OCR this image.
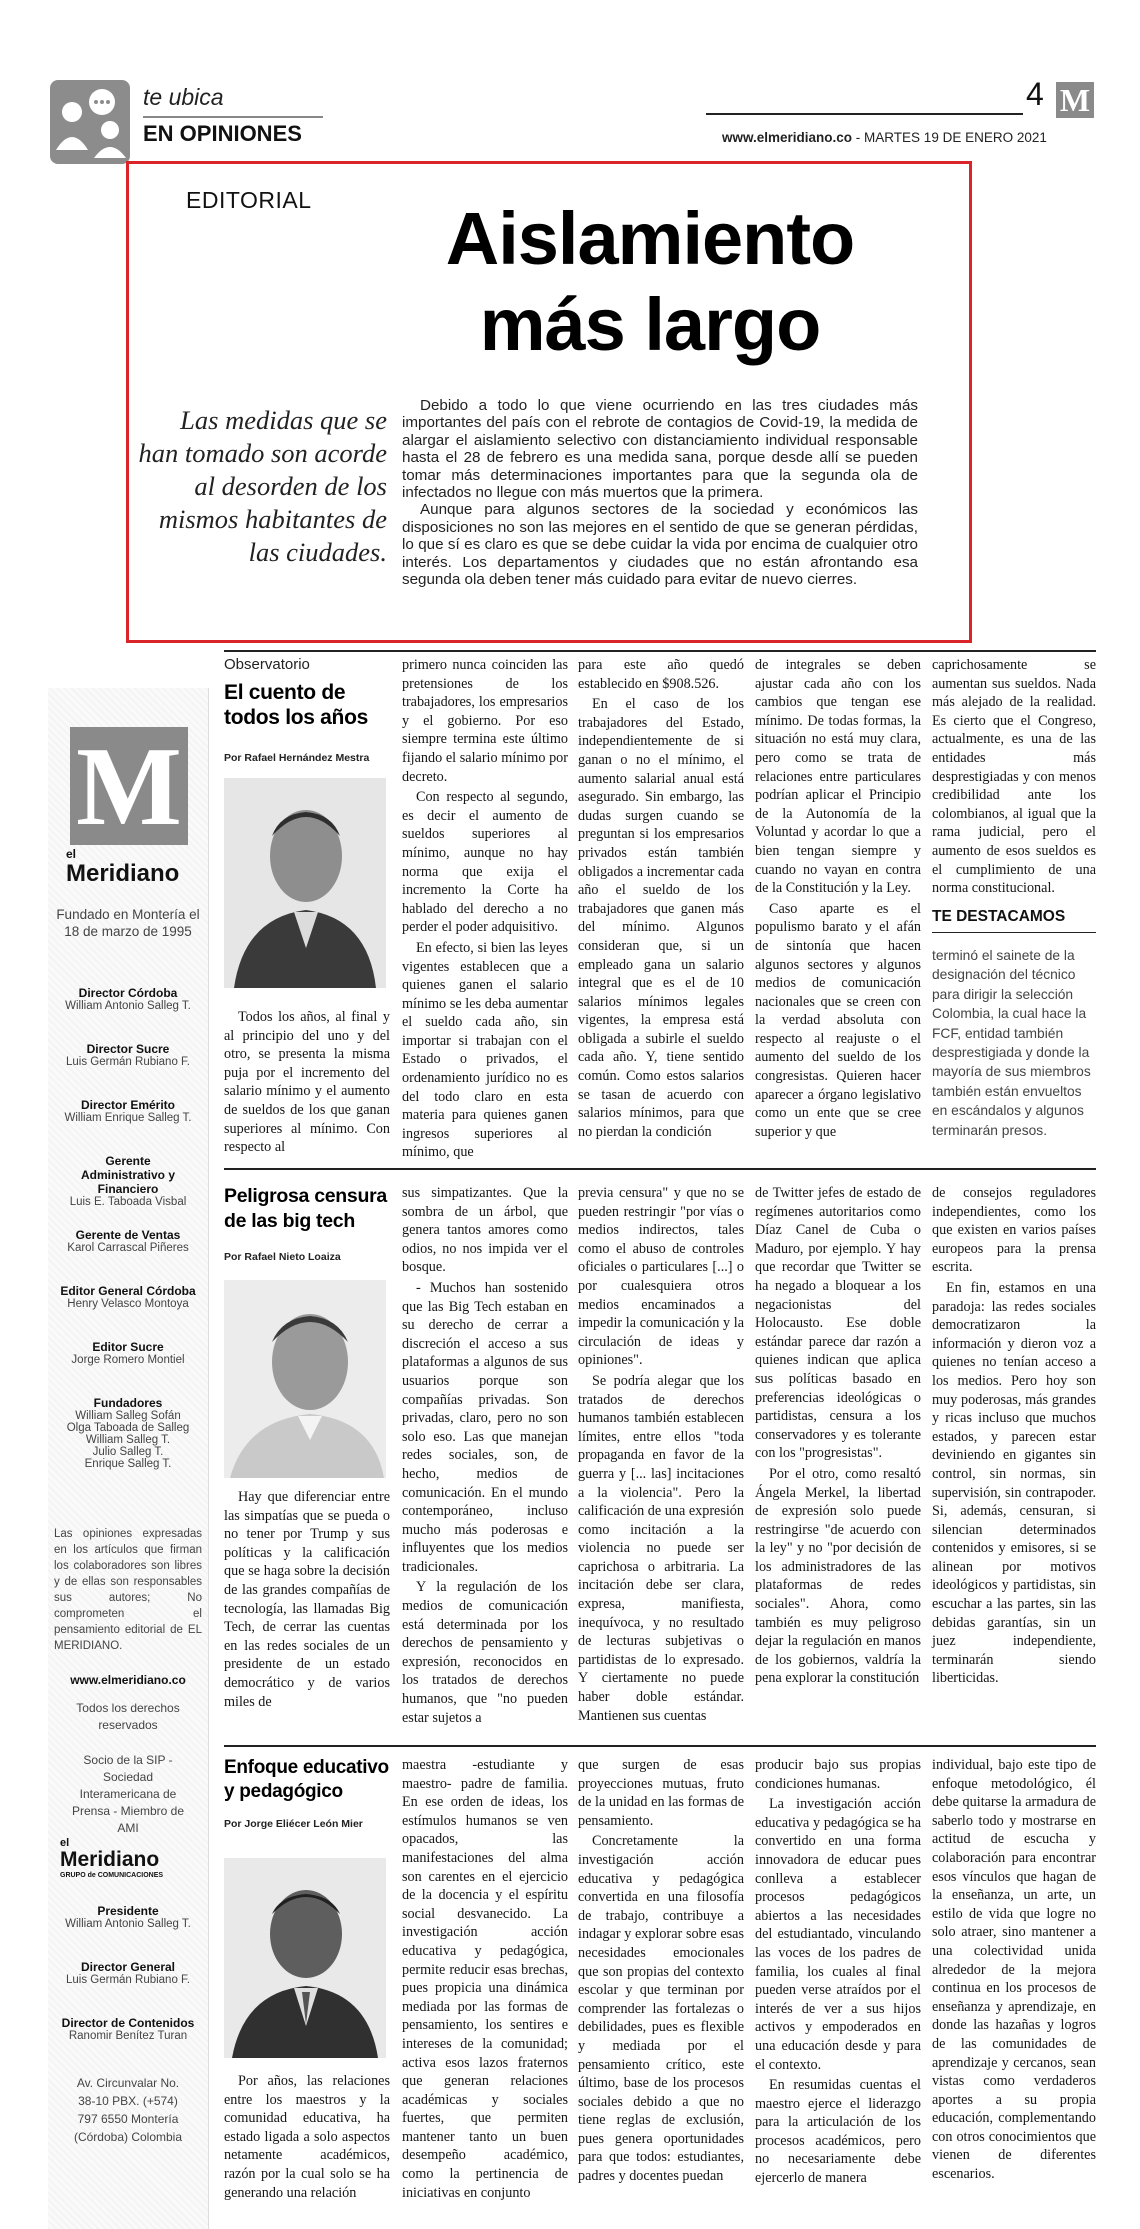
te ubica
EN OPINIONES
4 M
www.elmeridiano.co - MARTES 19 DE ENERO 2021
EDITORIAL	Aislamiento
más largo
Las medidas que se han tomado son acorde al desorden de los mismos habitantes de las ciudades.

Debido a todo lo que viene ocurriendo en las tres ciudades más importantes del país con el rebrote de contagios de Covid-19, la medida de alargar el aislamiento selectivo con distanciamiento individual responsable hasta el 28 de febrero es una medida sana, porque desde allí se pueden tomar más determinaciones importantes para que la segunda ola de infectados no llegue con más muertos que la primera.

Aunque para algunos sectores de la sociedad y económicos las disposiciones no son las mejores en el sentido de que se generan pérdidas, lo que sí es claro es que se debe cuidar la vida por encima de cualquier otro interés. Los departamentos y ciudades que no están afrontando esa segunda ola deben tener más cuidado para evitar de nuevo cierres.

M
el
Meridiano
Fundado en Montería el 18 de marzo de 1995
Director Córdoba
William Antonio Salleg T.
Director Sucre
Luis Germán Rubiano F.
Director Emérito
William Enrique Salleg T.
Gerente Administrativo y Financiero
Luis E. Taboada Visbal
Gerente de Ventas
Karol Carrascal Piñeres
Editor General Córdoba
Henry Velasco Montoya
Editor Sucre
Jorge Romero Montiel
Fundadores
William Salleg Sofán
Olga Taboada de Salleg
William Salleg T.
Julio Salleg T.
Enrique Salleg T.
Las opiniones expresadas en los artículos que firman los colaboradores son libres y de ellas son responsables sus autores; No comprometen el pensamiento editorial de EL MERIDIANO.
www.elmeridiano.co
Todos los derechos reservados
Socio de la SIP - Sociedad Interamericana de Prensa - Miembro de AMI
el
Meridiano
GRUPO de COMUNICACIONES
Presidente
William Antonio Salleg T.
Director General
Luis Germán Rubiano F.
Director de Contenidos
Ranomir Benítez Turan
Av. Circunvalar No. 38-10 PBX. (+574) 797 6550 Montería (Córdoba) Colombia
Observatorio
El cuento de todos los años
Por Rafael Hernández Mestra

Todos los años, al final y al principio del uno y del otro, se presenta la misma puja por el incremento del salario mínimo y el aumento de sueldos de los que ganan superiores al mínimo. Con respecto al

primero nunca coinciden las pretensiones de los trabajadores, los empresarios y el gobierno. Por eso siempre termina este último fijando el salario mínimo por decreto.

Con respecto al segundo, es decir el aumento de sueldos superiores al mínimo, aunque no hay norma que exija el incremento la Corte ha hablado del derecho a no perder el poder adquisitivo.

En efecto, si bien las leyes vigentes establecen que a quienes ganen el salario mínimo se les deba aumentar el sueldo cada año, sin importar si trabajan con el Estado o privados, el ordenamiento jurídico no es del todo claro en esta materia para quienes ganen ingresos superiores al mínimo, que

para este año quedó establecido en $908.526.

En el caso de los trabajadores del Estado, independientemente de si ganan o no el mínimo, el aumento salarial anual está asegurado. Sin embargo, las dudas surgen cuando se preguntan si los empresarios privados están también obligados a incrementar cada año el sueldo de los trabajadores que ganen más del mínimo. Algunos consideran que, si un empleado gana un salario integral que es el de 10 salarios mínimos legales vigentes, la empresa está obligada a subirle el sueldo cada año. Y, tiene sentido común. Como estos salarios se tasan de acuerdo con salarios mínimos, para que no pierdan la condición

de integrales se deben ajustar cada año con los cambios que tengan ese mínimo. De todas formas, la situación no está muy clara, pero como se trata de relaciones entre particulares podrían aplicar el Principio de la Autonomía de la Voluntad y acordar lo que a bien tengan siempre y cuando no vayan en contra de la Constitución y la Ley.

Caso aparte es el populismo barato y el afán de sintonía que hacen algunos sectores y algunos medios de comunicación nacionales que se creen con la verdad absoluta con respecto al reajuste o el aumento del sueldo de los congresistas. Quieren hacer aparecer a órgano legislativo como un ente que se cree superior y que

caprichosamente se aumentan sus sueldos. Nada más alejado de la realidad. Es cierto que el Congreso, actualmente, es una de las entidades más desprestigiadas y con menos credibilidad ante los colombianos, al igual que la rama judicial, pero el aumento de esos sueldos es el cumplimiento de una norma constitucional.

TE DESTACAMOS
terminó el sainete de la designación del técnico para dirigir la selección Colombia, la cual hace la FCF, entidad también desprestigiada y donde la mayoría de sus miembros también están envueltos en escándalos y algunos terminarán presos.
Peligrosa censura de las big tech
Por Rafael Nieto Loaiza

Hay que diferenciar entre las simpatías que se pueda o no tener por Trump y sus políticas y la calificación que se haga sobre la decisión de las grandes compañías de tecnología, las llamadas Big Tech, de cerrar las cuentas en las redes sociales de un presidente de un estado democrático y de varios miles de

sus simpatizantes. Que la sombra de un árbol, que genera tantos amores como odios, no nos impida ver el bosque.

- Muchos han sostenido que las Big Tech estaban en su derecho de cerrar a discreción el acceso a sus plataformas a algunos de sus usuarios porque son compañías privadas. Son privadas, claro, pero no son solo eso. Las que manejan redes sociales, son, de hecho, medios de comunicación. En el mundo contemporáneo, incluso mucho más poderosas e influyentes que los medios tradicionales.

Y la regulación de los medios de comunicación está determinada por los derechos de pensamiento y expresión, reconocidos en los tratados de derechos humanos, que "no pueden estar sujetos a

previa censura" y que no se pueden restringir "por vías o medios indirectos, tales como el abuso de controles oficiales o particulares [...] o por cualesquiera otros medios encaminados a impedir la comunicación y la circulación de ideas y opiniones".

Se podría alegar que los tratados de derechos humanos también establecen límites, entre ellos "toda propaganda en favor de la guerra y [... las] incitaciones a la violencia". Pero la calificación de una expresión como incitación a la violencia no puede ser caprichosa o arbitraria. La incitación debe ser clara, expresa, manifiesta, inequívoca, y no resultado de lecturas subjetivas o partidistas de lo expresado. Y ciertamente no puede haber doble estándar. Mantienen sus cuentas

de Twitter jefes de estado de regímenes autoritarios como Díaz Canel de Cuba o Maduro, por ejemplo. Y hay que recordar que Twitter se ha negado a bloquear a los negacionistas del Holocausto. Ese doble estándar parece dar razón a quienes indican que aplica sus políticas basado en preferencias ideológicas o partidistas, censura a los conservadores y es tolerante con los "progresistas".

Por el otro, como resaltó Ángela Merkel, la libertad de expresión solo puede restringirse "de acuerdo con la ley" y no "por decisión de los administradores de las plataformas de redes sociales". Ahora, como también es muy peligroso dejar la regulación en manos de los gobiernos, valdría la pena explorar la constitución

de consejos reguladores independientes, como los que existen en varios países europeos para la prensa escrita.

En fin, estamos en una paradoja: las redes sociales democratizaron la información y dieron voz a quienes no tenían acceso a los medios. Pero hoy son muy poderosas, más grandes y ricas incluso que muchos estados, y parecen estar deviniendo en gigantes sin control, sin normas, sin supervisión, sin contrapoder. Si, además, censuran, si silencian determinados contenidos y emisores, si se alinean por motivos ideológicos y partidistas, sin escuchar a las partes, sin las debidas garantías, sin un juez independiente, terminarán siendo liberticidas.

Enfoque educativo y pedagógico
Por Jorge Eliécer León Mier

Por años, las relaciones entre los maestros y la comunidad educativa, ha estado ligada a solo aspectos netamente académicos, razón por la cual solo se ha generando una relación

maestra -estudiante y maestro- padre de familia. En ese orden de ideas, los estímulos humanos se ven opacados, las manifestaciones del alma son carentes en el ejercicio de la docencia y el espíritu social desvanecido. La investigación acción educativa y pedagógica, permite reducir esas brechas, pues propicia una dinámica mediada por las formas de pensamiento, los sentires e intereses de la comunidad; activa esos lazos fraternos que generan relaciones académicas y sociales fuertes, que permiten mantener tanto un buen desempeño académico, como la pertinencia de iniciativas en conjunto

que surgen de esas proyecciones mutuas, fruto de la unidad en las formas de pensamiento.

Concretamente la investigación acción educativa y pedagógica convertida en una filosofía de trabajo, contribuye a indagar y explorar sobre esas necesidades emocionales que son propias del contexto escolar y que terminan por comprender las fortalezas o debilidades, pues es flexible y mediada por el pensamiento crítico, este último, base de los procesos sociales debido a que no tiene reglas de exclusión, pues genera oportunidades para que todos: estudiantes, padres y docentes puedan

producir bajo sus propias condiciones humanas.

La investigación acción educativa y pedagógica se ha convertido en una forma innovadora de educar pues conlleva a establecer procesos pedagógicos abiertos a las necesidades del estudiantado, vinculando las voces de los padres de familia, los cuales al final pueden verse atraídos por el interés de ver a sus hijos activos y empoderados en una educación desde y para el contexto.

En resumidas cuentas el maestro ejerce el liderazgo para la articulación de los procesos académicos, pero no necesariamente debe ejercerlo de manera

individual, bajo este tipo de enfoque metodológico, él debe quitarse la armadura de saberlo todo y mostrarse en actitud de escucha y colaboración para encontrar esos vínculos que hagan de la enseñanza, un arte, un estilo de vida que logre no solo atraer, sino mantener a una colectividad unida alrededor de la mejora continua en los procesos de enseñanza y aprendizaje, en donde las hazañas y logros de las comunidades de aprendizaje y cercanos, sean vistas como verdaderos aportes a su propia educación, complementando con otros conocimientos que vienen de diferentes escenarios.
